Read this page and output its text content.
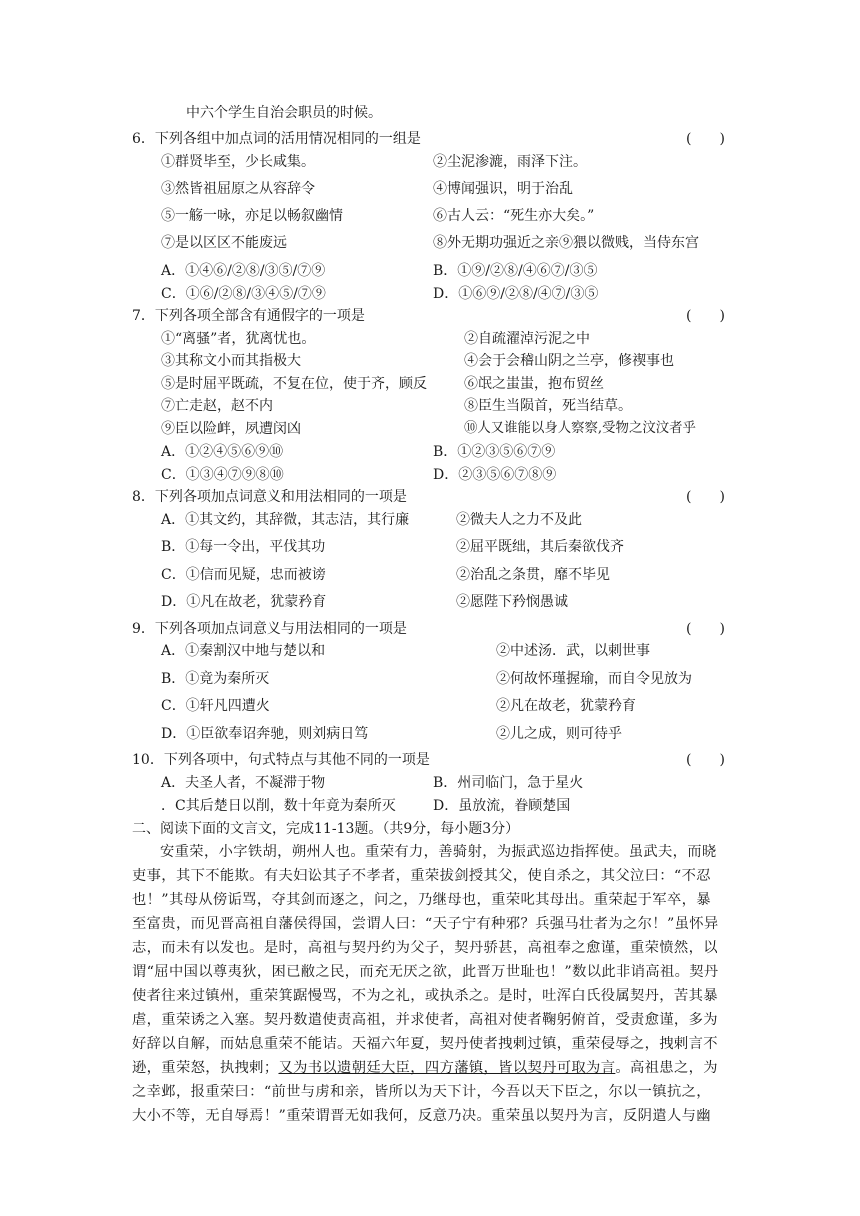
中六个学生自治会职员的时候。
6．下列各组中加点词的活用情况相同的一组是	(　　)
①群贤毕至，少长咸集。	②尘泥渗漉，雨泽下注。
③然皆祖屈原之从容辞令	④博闻强识，明于治乱
⑤一觞一咏，亦足以畅叙幽情	⑥古人云：“死生亦大矣。”
⑦是以区区不能废远	⑧外无期功强近之亲⑨猥以微贱，当侍东宫
A．①④⑥/②⑧/③⑤/⑦⑨	B．①⑨/②⑧/④⑥⑦/③⑤
C．①⑥/②⑧/③④⑤/⑦⑨	D．①⑥⑨/②⑧/④⑦/③⑤
7．下列各项全部含有通假字的一项是	(　　)
①“离骚”者，犹离忧也。	②自疏濯淖污泥之中
③其称文小而其指极大	④会于会稽山阴之兰亭，修禊事也
⑤是时屈平既疏，不复在位，使于齐，顾反	⑥氓之蚩蚩，抱布贸丝
⑦亡走赵，赵不内	⑧臣生当陨首，死当结草。
⑨臣以险衅，夙遭闵凶	⑩人又谁能以身人察察,受物之汶汶者乎
A．①②④⑤⑥⑨⑩	B．①②③⑤⑥⑦⑨
C．①③④⑦⑨⑧⑩	D．②③⑤⑥⑦⑧⑨
8．下列各项加点词意义和用法相同的一项是	(　　)
A．①其文约，其辞微，其志洁，其行廉	②微夫人之力不及此
B．①每一令出，平伐其功	②屈平既绌，其后秦欲伐齐
C．①信而见疑，忠而被谤	②治乱之条贯，靡不毕见
D．①凡在故老，犹蒙矜育	②愿陛下矜悯愚诚
9．下列各项加点词意义与用法相同的一项是	(　　)
A．①秦割汉中地与楚以和	②中述汤．武，以刺世事
B．①竟为秦所灭	②何故怀瑾握瑜，而自令见放为
C．①轩凡四遭火	②凡在故老，犹蒙矜育
D．①臣欲奉诏奔驰，则刘病日笃	②儿之成，则可待乎
10．下列各项中，句式特点与其他不同的一项是	(　　)
A．夫圣人者，不凝滞于物	B．州司临门，急于星火
．C其后楚日以削，数十年竟为秦所灭	D．虽放流，眷顾楚国
二、阅读下面的文言文，完成11-13题。（共9分，每小题3分）
安重荣，小字铁胡，朔州人也。重荣有力，善骑射，为振武巡边指挥使。虽武夫，而晓
吏事，其下不能欺。有夫妇讼其子不孝者，重荣拔剑授其父，使自杀之，其父泣曰：“不忍
也！”其母从傍诟骂，夺其剑而逐之，问之，乃继母也，重荣叱其母出。重荣起于军卒，暴
至富贵，而见晋高祖自藩侯得国，尝谓人曰：“天子宁有种邪？兵强马壮者为之尔！”虽怀异
志，而未有以发也。是时，高祖与契丹约为父子，契丹骄甚，高祖奉之愈谨，重荣愤然，以
谓“屈中国以尊夷狄，困已敝之民，而充无厌之欲，此晋万世耻也！”数以此非诮高祖。契丹
使者往来过镇州，重荣箕踞慢骂，不为之礼，或执杀之。是时，吐浑白氏役属契丹，苦其暴
虐，重荣诱之入塞。契丹数遣使责高祖，并求使者，高祖对使者鞠躬俯首，受责愈谨，多为
好辞以自解，而姑息重荣不能诘。天福六年夏，契丹使者拽剌过镇，重荣侵辱之，拽剌言不
逊，重荣怒，执拽剌；又为书以遗朝廷大臣，四方藩镇，皆以契丹可取为言。高祖患之，为
之幸邺，报重荣曰：“前世与虏和亲，皆所以为天下计，今吾以天下臣之，尔以一镇抗之，
大小不等，无自辱焉！”重荣谓晋无如我何，反意乃决。重荣虽以契丹为言，反阴遣人与幽
